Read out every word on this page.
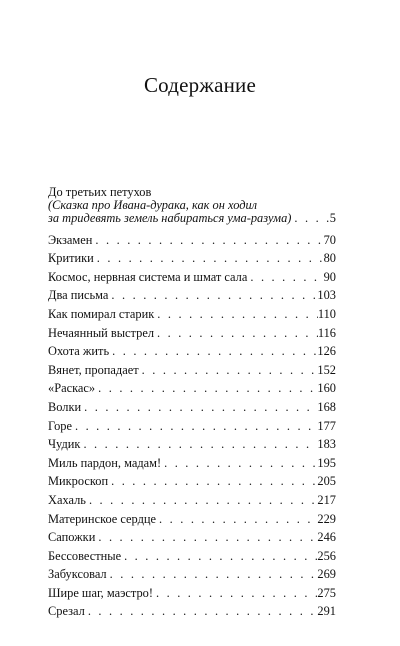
Содержание
До третьих петухов
(Сказка про Ивана-дурака, как он ходил
за тридевять земель набираться ума-разума) . . .	5
Экзамен . . .	70
Критики . . .	80
Космос, нервная система и шмат сала . . .	90
Два письма . . .	103
Как помирал старик . . .	110
Нечаянный выстрел . . .	116
Охота жить . . .	126
Вянет, пропадает . . .	152
«Раскас» . . .	160
Волки . . .	168
Горе . . .	177
Чудик . . .	183
Миль пардон, мадам! . . .	195
Микроскоп . . .	205
Хахаль . . .	217
Материнское сердце . . .	229
Сапожки . . .	246
Бессовестные . . .	256
Забуксовал . . .	269
Шире шаг, маэстро! . . .	275
Срезал . . .	291
